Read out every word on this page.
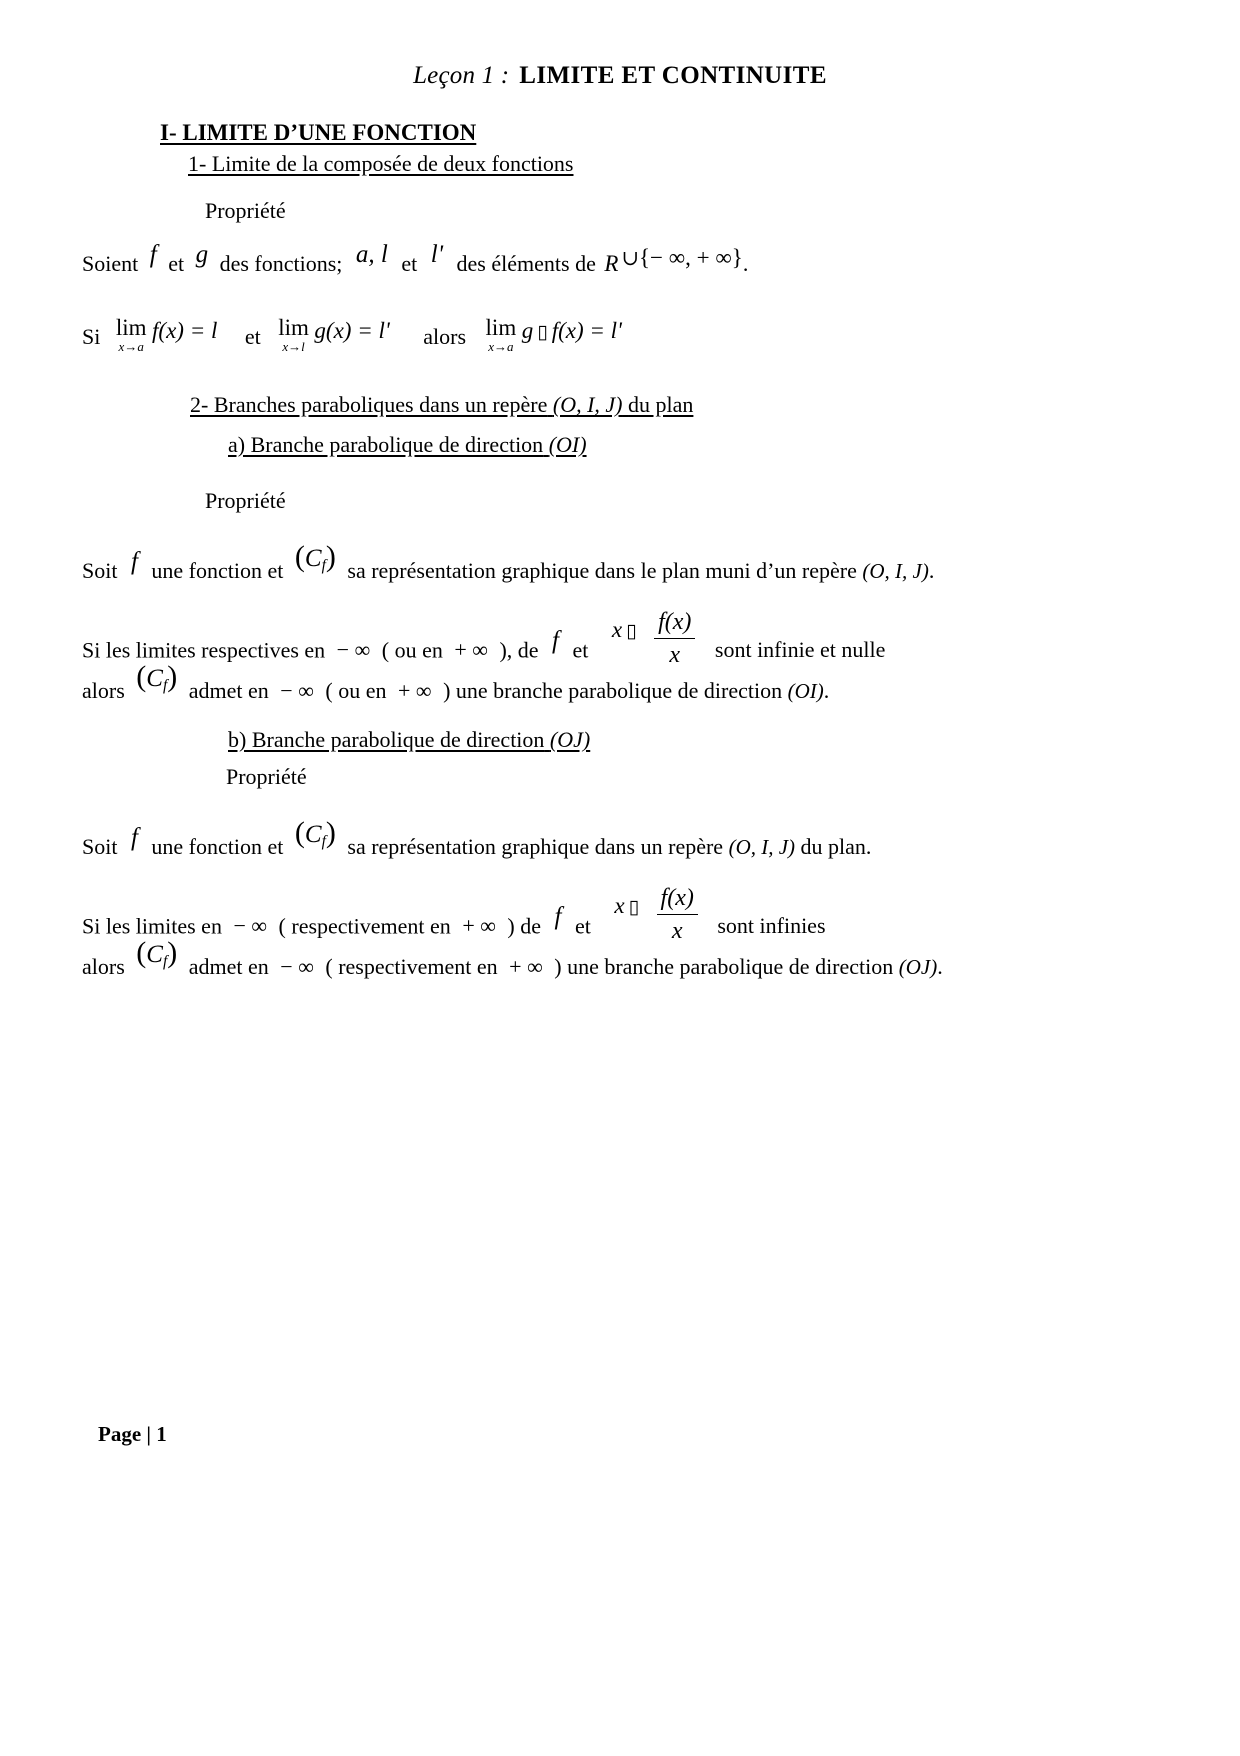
Leçon 1 : LIMITE ET CONTINUITE
I- LIMITE D’UNE FONCTION
1- Limite de la composée de deux fonctions
Propriété
Soient f et g des fonctions; a, l et l' des éléments de R ∪{− ∞, + ∞}.
Si lim
x→a
f(x) = l et lim
x→l
g(x) = l' alors lim
x→a
g ▯ f(x) = l'
2- Branches paraboliques dans un repère (O, I, J) du plan
a) Branche parabolique de direction (OI)
Propriété
Soit f une fonction et $(C_f)$ sa représentation graphique dans le plan muni d’un repère (O, I, J).
Si les limites respectives en − ∞ ( ou en + ∞ ), de f et x ▯ $\frac{f(x)}{x}$ sont infinie et nulle
alors $(C_f)$ admet en − ∞ ( ou en + ∞ ) une branche parabolique de direction (OI).
b) Branche parabolique de direction (OJ)
Propriété
Soit f une fonction et $(C_f)$ sa représentation graphique dans un repère (O, I, J) du plan.
Si les limites en − ∞ ( respectivement en + ∞ ) de f et x ▯ $\frac{f(x)}{x}$ sont infinies
alors $(C_f)$ admet en − ∞ ( respectivement en + ∞ ) une branche parabolique de direction (OJ).
Page | 1
